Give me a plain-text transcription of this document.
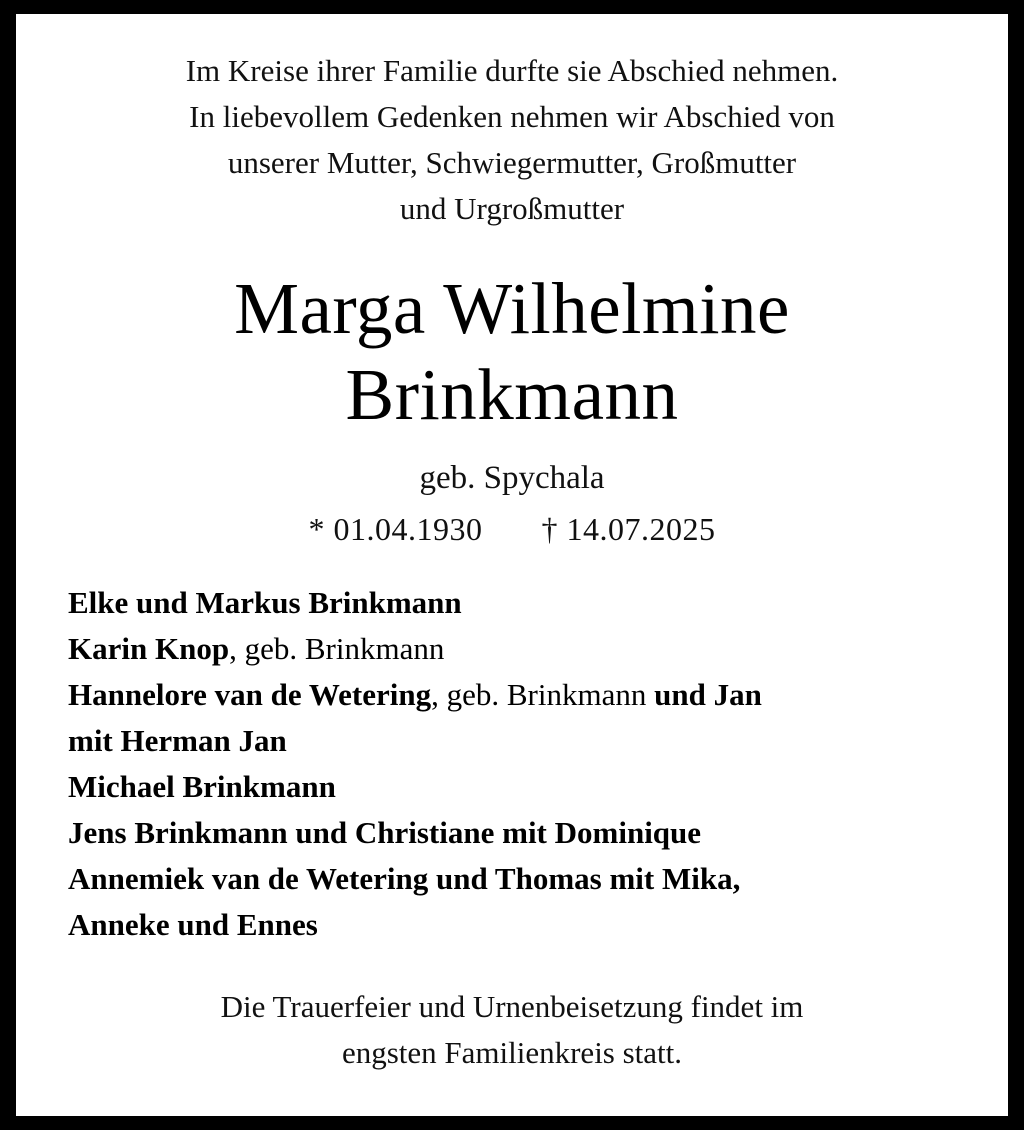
Im Kreise ihrer Familie durfte sie Abschied nehmen.
In liebevollem Gedenken nehmen wir Abschied von
unserer Mutter, Schwiegermutter, Großmutter
und Urgroßmutter
Marga Wilhelmine
Brinkmann
geb. Spychala
* 01.04.1930 † 14.07.2025

Elke und Markus Brinkmann

Karin Knop, geb. Brinkmann

Hannelore van de Wetering, geb. Brinkmann und Jan

mit Herman Jan

Michael Brinkmann

Jens Brinkmann und Christiane mit Dominique

Annemiek van de Wetering und Thomas mit Mika,

Anneke und Ennes

Die Trauerfeier und Urnenbeisetzung findet im
engsten Familienkreis statt.
